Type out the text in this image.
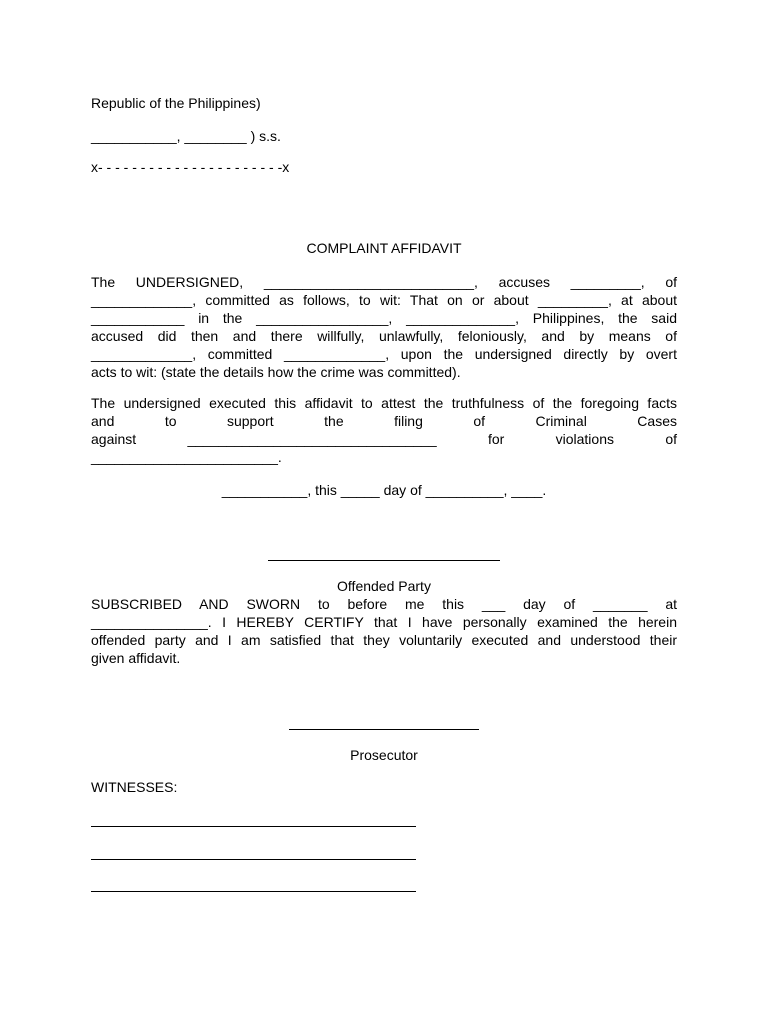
Republic of the Philippines)
___________, ________ ) s.s.
x- - - - - - - - - - - - - - - - - - - - - -x
COMPLAINT AFFIDAVIT
The UNDERSIGNED, ___________________________, accuses _________, of
_____________, committed as follows, to wit: That on or about _________, at about
____________ in the _________________, ______________, Philippines, the said
accused did then and there willfully, unlawfully, feloniously, and by means of
_____________, committed _____________, upon the undersigned directly by overt
acts to wit: (state the details how the crime was committed).
The undersigned executed this affidavit to attest the truthfulness of the foregoing facts
and to support the filing of Criminal Cases
against ________________________________ for violations of
________________________.
___________, this _____ day of __________, ____.
Offended Party
SUBSCRIBED AND SWORN to before me this ___ day of _______ at
_______________. I HEREBY CERTIFY that I have personally examined the herein
offended party and I am satisfied that they voluntarily executed and understood their
given affidavit.
Prosecutor
WITNESSES:
